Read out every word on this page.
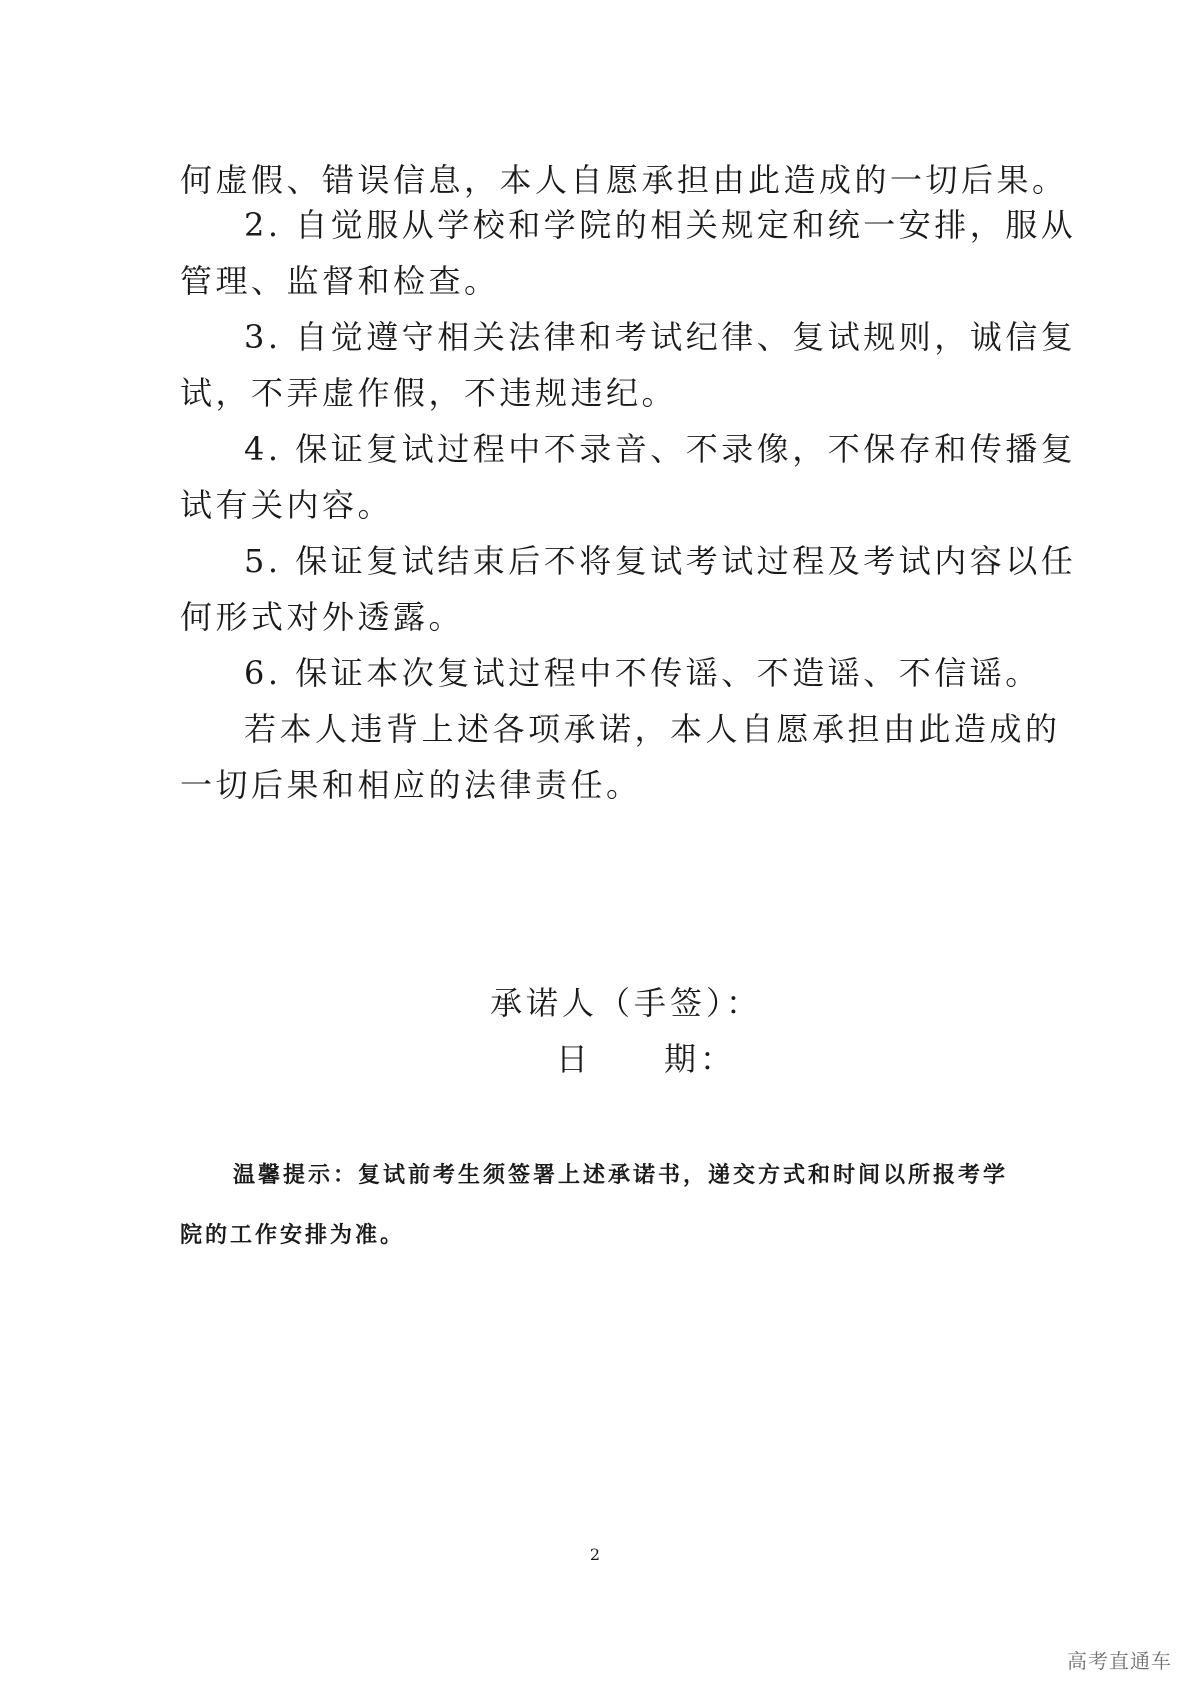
何虚假、错误信息，本人自愿承担由此造成的一切后果。
2. 自觉服从学校和学院的相关规定和统一安排，服从
管理、监督和检查。
3. 自觉遵守相关法律和考试纪律、复试规则，诚信复
试，不弄虚作假，不违规违纪。
4. 保证复试过程中不录音、不录像，不保存和传播复
试有关内容。
5. 保证复试结束后不将复试考试过程及考试内容以任
何形式对外透露。
6. 保证本次复试过程中不传谣、不造谣、不信谣。
若本人违背上述各项承诺，本人自愿承担由此造成的
一切后果和相应的法律责任。
承诺人（手签）：
日　　期：
温馨提示：复试前考生须签署上述承诺书，递交方式和时间以所报考学
院的工作安排为准。
2
高考直通车
